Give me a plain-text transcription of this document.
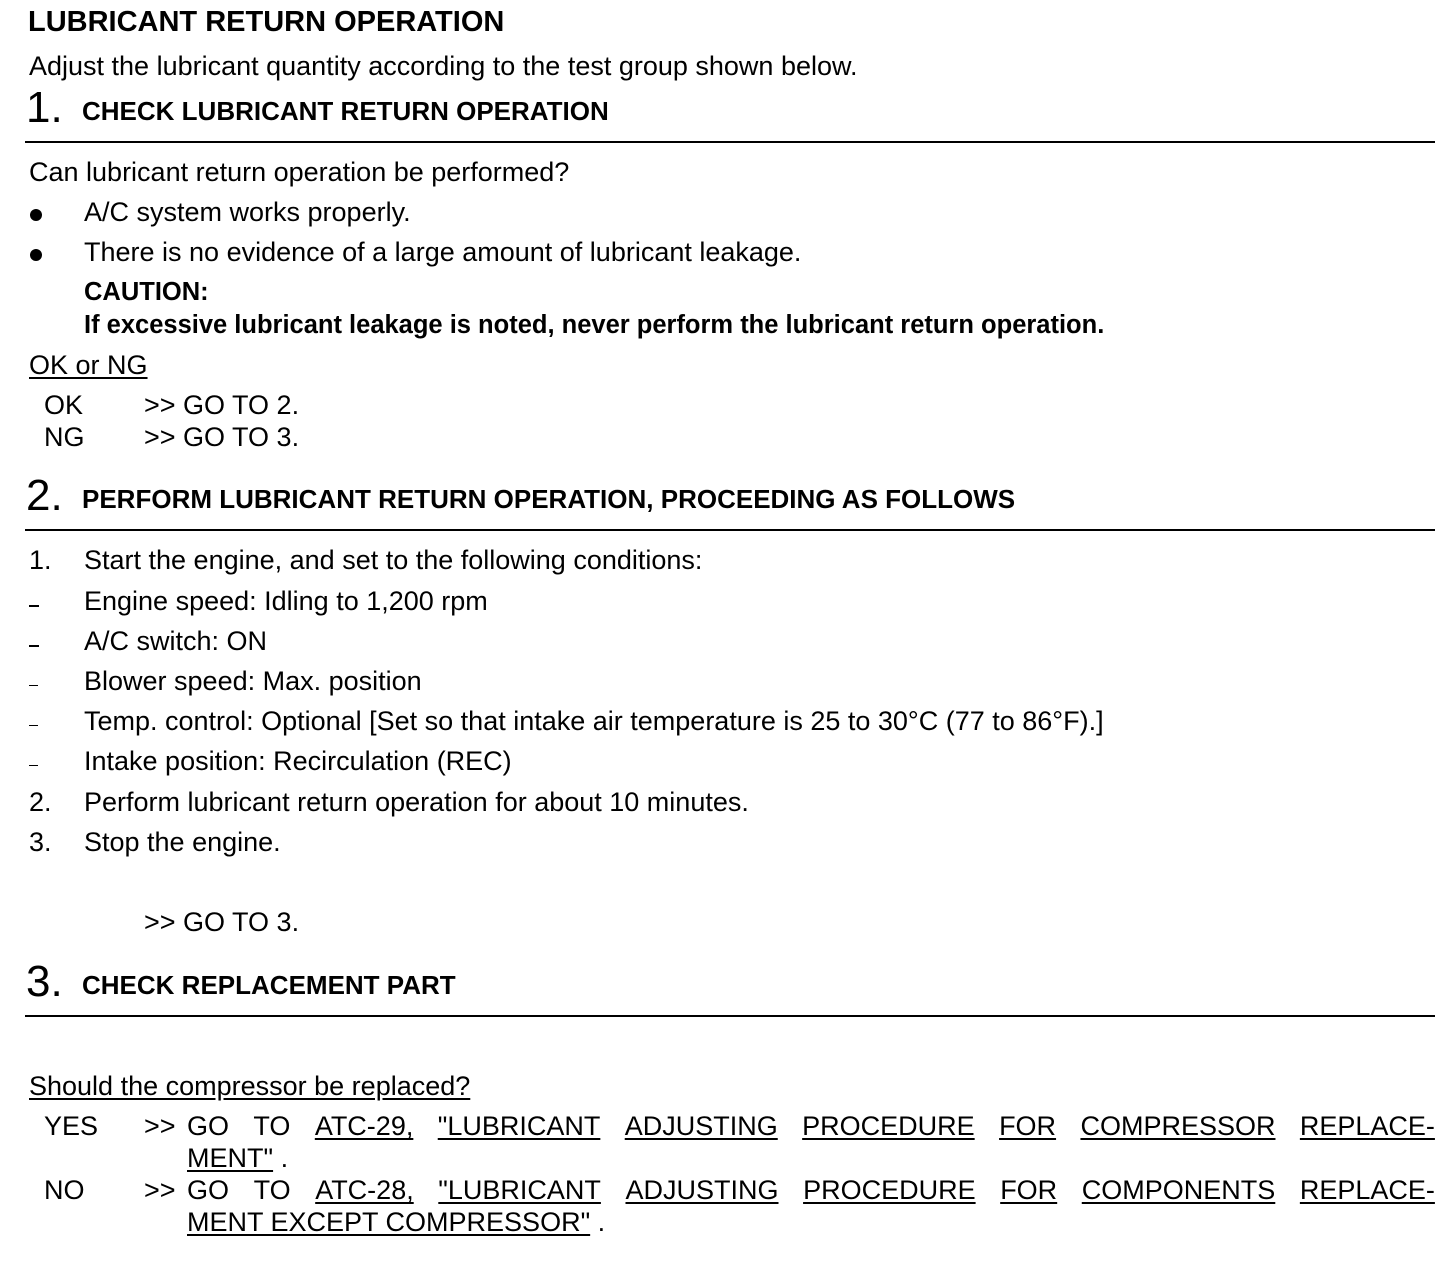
LUBRICANT RETURN OPERATION
Adjust the lubricant quantity according to the test group shown below.
1. CHECK LUBRICANT RETURN OPERATION
Can lubricant return operation be performed?
A/C system works properly.
There is no evidence of a large amount of lubricant leakage.
CAUTION:
If excessive lubricant leakage is noted, never perform the lubricant return operation.
OK or NG
OK >> GO TO 2.
NG >> GO TO 3.
2. PERFORM LUBRICANT RETURN OPERATION, PROCEEDING AS FOLLOWS
1. Start the engine, and set to the following conditions:
Engine speed: Idling to 1,200 rpm
A/C switch: ON
Blower speed: Max. position
Temp. control: Optional [Set so that intake air temperature is 25 to 30°C (77 to 86°F).]
Intake position: Recirculation (REC)
2. Perform lubricant return operation for about 10 minutes.
3. Stop the engine.
>> GO TO 3.
3. CHECK REPLACEMENT PART
Should the compressor be replaced?
YES >> GO TO ATC-29, "LUBRICANT ADJUSTING PROCEDURE FOR COMPRESSOR REPLACE-
MENT" .
NO >> GO TO ATC-28, "LUBRICANT ADJUSTING PROCEDURE FOR COMPONENTS REPLACE-
MENT EXCEPT COMPRESSOR" .
